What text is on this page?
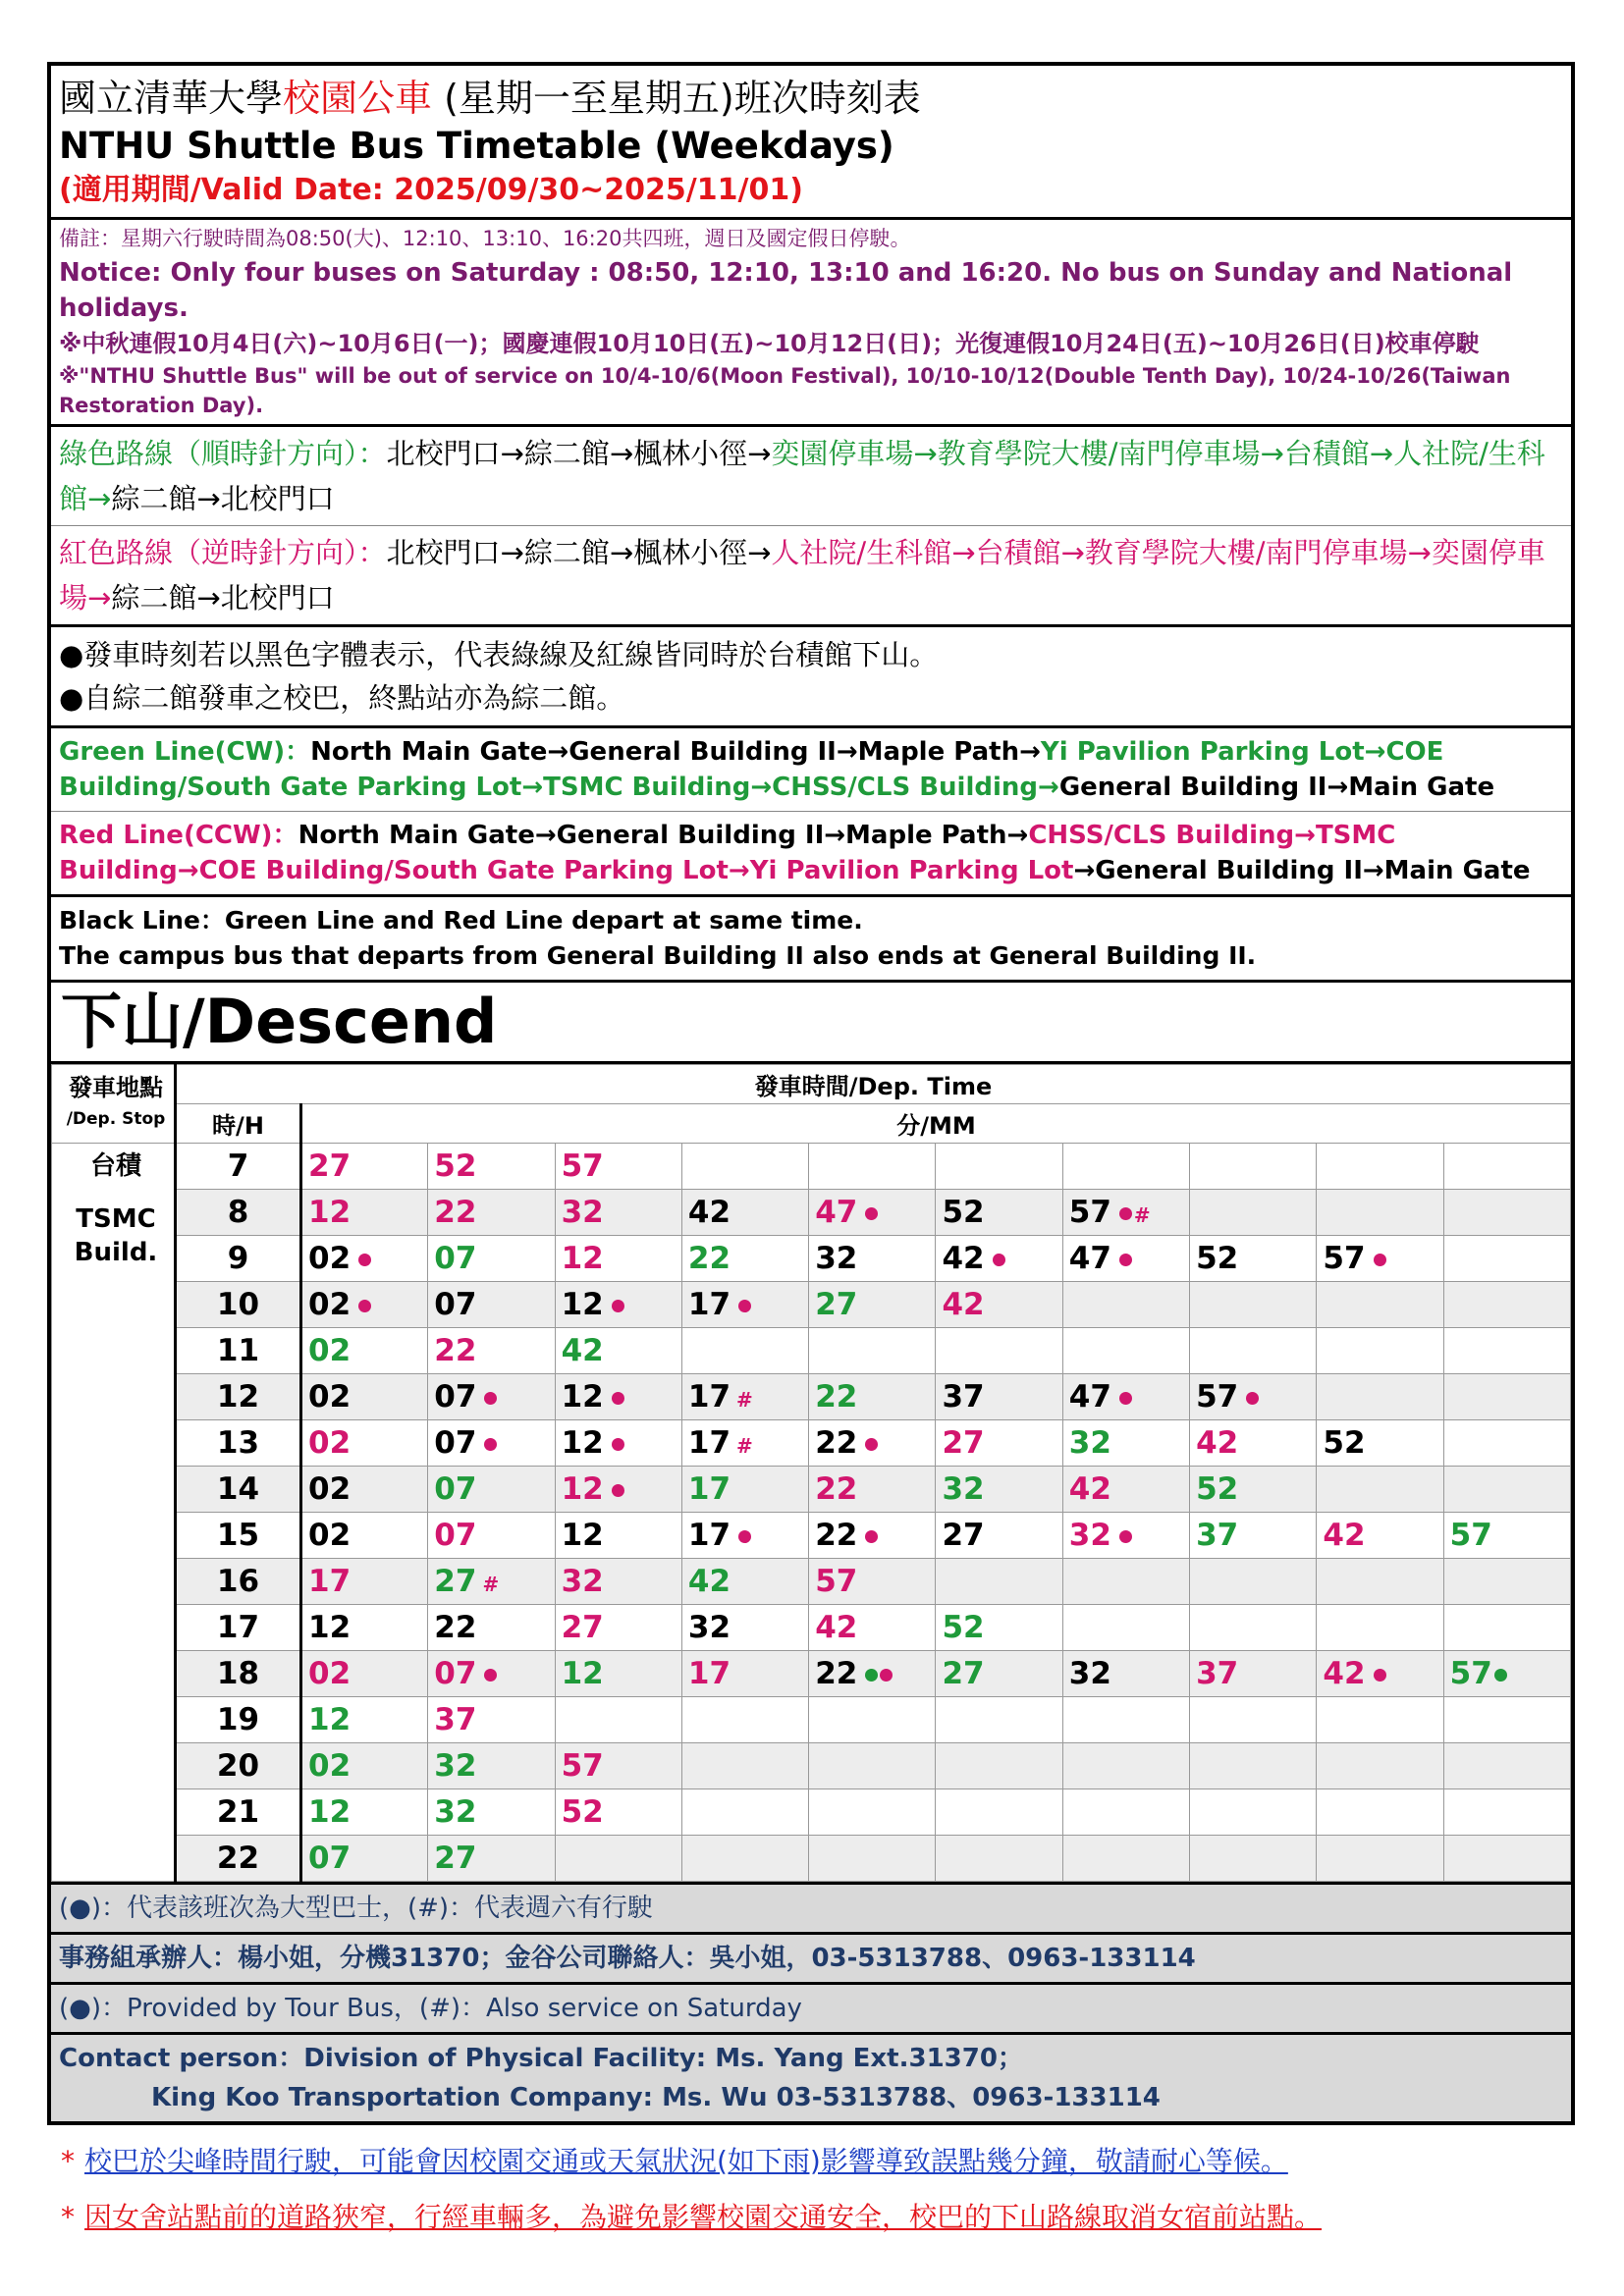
國立清華大學校園公車 (星期一至星期五)班次時刻表
NTHU Shuttle Bus Timetable (Weekdays)
(適用期間/Valid Date: 2025/09/30~2025/11/01)
備註：星期六行駛時間為08:50(大)、12:10、13:10、16:20共四班，週日及國定假日停駛。
Notice: Only four buses on Saturday : 08:50, 12:10, 13:10 and 16:20. No bus on Sunday and National holidays.
※中秋連假10月4日(六)~10月6日(一)；國慶連假10月10日(五)~10月12日(日)；光復連假10月24日(五)~10月26日(日)校車停駛
※"NTHU Shuttle Bus" will be out of service on 10/4-10/6(Moon Festival), 10/10-10/12(Double Tenth Day), 10/24-10/26(Taiwan Restoration Day).
綠色路線（順時針方向）：北校門口→綜二館→楓林小徑→奕園停車場→教育學院大樓/南門停車場→台積館→人社院/生科館→綜二館→北校門口
紅色路線（逆時針方向）：北校門口→綜二館→楓林小徑→人社院/生科館→台積館→教育學院大樓/南門停車場→奕園停車場→綜二館→北校門口
●發車時刻若以黑色字體表示，代表綠線及紅線皆同時於台積館下山。
●自綜二館發車之校巴，終點站亦為綜二館。
Green Line(CW)：North Main Gate→General Building II→Maple Path→Yi Pavilion Parking Lot→COE Building/South Gate Parking Lot→TSMC Building→CHSS/CLS Building→General Building II→Main Gate
Red Line(CCW)：North Main Gate→General Building II→Maple Path→CHSS/CLS Building→TSMC Building→COE Building/South Gate Parking Lot→Yi Pavilion Parking Lot→General Building II→Main Gate
Black Line：Green Line and Red Line depart at same time.
The campus bus that departs from General Building II also ends at General Building II.
下山/Descend
發車地點
/Dep. Stop	發車時間/Dep. Time										
	時/H	分/MM									

台積
TSMC
Build.	7	27	52	57							
	8	12	22	32	42	47	52	57 #			
	9	02	07	12	22	32	42	47	52	57	
	10	02	07	12	17	27	42				
	11	02	22	42							
	12	02	07	12	17 #	22	37	47	57		
	13	02	07	12	17 #	22	27	32	42	52	
	14	02	07	12	17	22	32	42	52		
	15	02	07	12	17	22	27	32	37	42	57
	16	17	27 #	32	42	57					
	17	12	22	27	32	42	52				
	18	02	07	12	17	22	27	32	37	42	57
	19	12	37								
	20	02	32	57							
	21	12	32	52							
	22	07	27								
(●)：代表該班次為大型巴士，(#)：代表週六有行駛
事務組承辦人：楊小姐，分機31370；金谷公司聯絡人：吳小姐，03-5313788、0963-133114
(●)：Provided by Tour Bus，(#)：Also service on Saturday
Contact person：Division of Physical Facility: Ms. Yang Ext.31370；
King Koo Transportation Company: Ms. Wu 03-5313788、0963-133114
* 校巴於尖峰時間行駛，可能會因校園交通或天氣狀況(如下雨)影響導致誤點幾分鐘，敬請耐心等候。
* 因女舍站點前的道路狹窄，行經車輛多，為避免影響校園交通安全，校巴的下山路線取消女宿前站點。
